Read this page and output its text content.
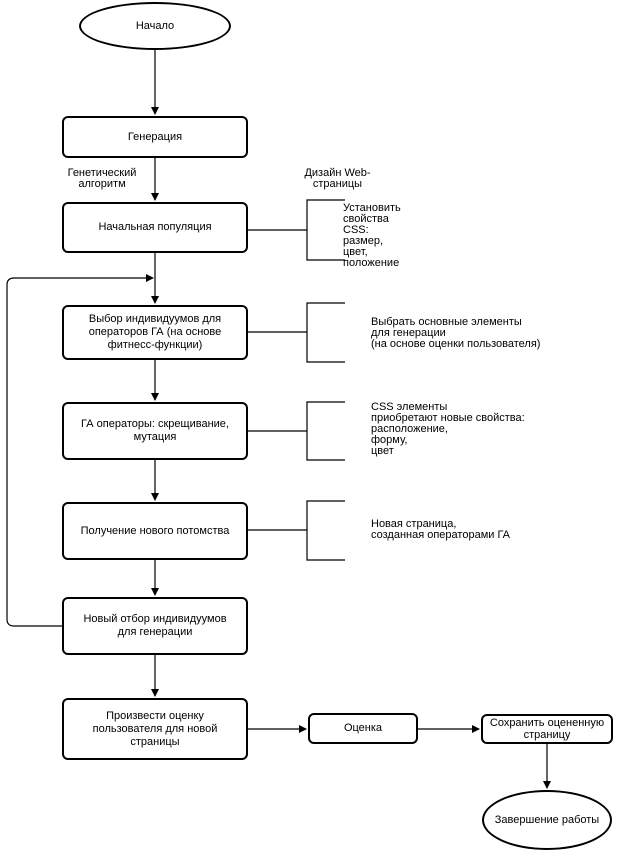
Начало
Генерация
Начальная популяция
Выбор индивидуумов для
операторов ГА (на основе
фитнесс-функции)
ГА операторы: скрещивание,
мутация
Получение нового потомства
Новый отбор индивидуумов
для генерации
Произвести оценку
пользователя для новой
страницы
Оценка	Сохранить оцененную
страницу
Завершение работы
Генетический
алгоритм
Дизайн Web-
страницы
Установить
свойства
CSS:
размер,
цвет,
положение
Выбрать основные элементы
для генерации
(на основе оценки пользователя)
CSS элементы
приобретают новые свойства:
расположение,
форму,
цвет
Новая страница,
созданная операторами ГА
